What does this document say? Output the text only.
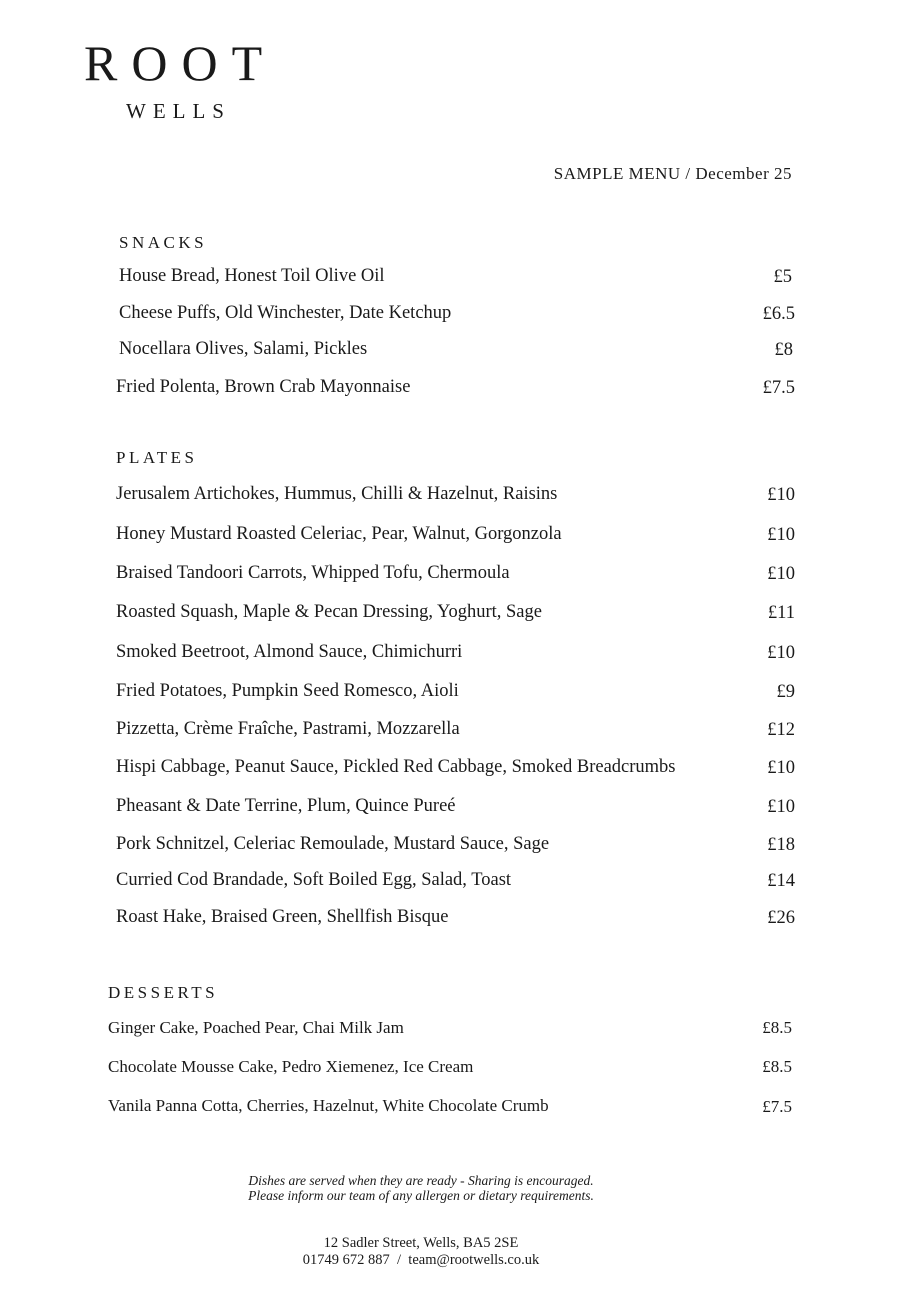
ROOT
WELLS
SAMPLE MENU / December 25
SNACKS
House Bread, Honest Toil Olive Oil	£5
Cheese Puffs, Old Winchester, Date Ketchup	£6.5
Nocellara Olives, Salami, Pickles	£8
Fried Polenta, Brown Crab Mayonnaise	£7.5
PLATES
Jerusalem Artichokes, Hummus, Chilli & Hazelnut, Raisins	£10
Honey Mustard Roasted Celeriac, Pear, Walnut, Gorgonzola	£10
Braised Tandoori Carrots, Whipped Tofu, Chermoula	£10
Roasted Squash, Maple & Pecan Dressing, Yoghurt, Sage	£11
Smoked Beetroot, Almond Sauce, Chimichurri	£10
Fried Potatoes, Pumpkin Seed Romesco, Aioli	£9
Pizzetta, Crème Fraîche, Pastrami, Mozzarella	£12
Hispi Cabbage, Peanut Sauce, Pickled Red Cabbage, Smoked Breadcrumbs	£10
Pheasant & Date Terrine, Plum, Quince Pureé	£10
Pork Schnitzel, Celeriac Remoulade, Mustard Sauce, Sage	£18
Curried Cod Brandade, Soft Boiled Egg, Salad, Toast	£14
Roast Hake, Braised Green, Shellfish Bisque	£26
DESSERTS
Ginger Cake, Poached Pear, Chai Milk Jam	£8.5
Chocolate Mousse Cake, Pedro Xiemenez, Ice Cream	£8.5
Vanila Panna Cotta, Cherries, Hazelnut, White Chocolate Crumb	£7.5
Dishes are served when they are ready - Sharing is encouraged.
Please inform our team of any allergen or dietary requirements.
12 Sadler Street, Wells, BA5 2SE
01749 672 887 / team@rootwells.co.uk
